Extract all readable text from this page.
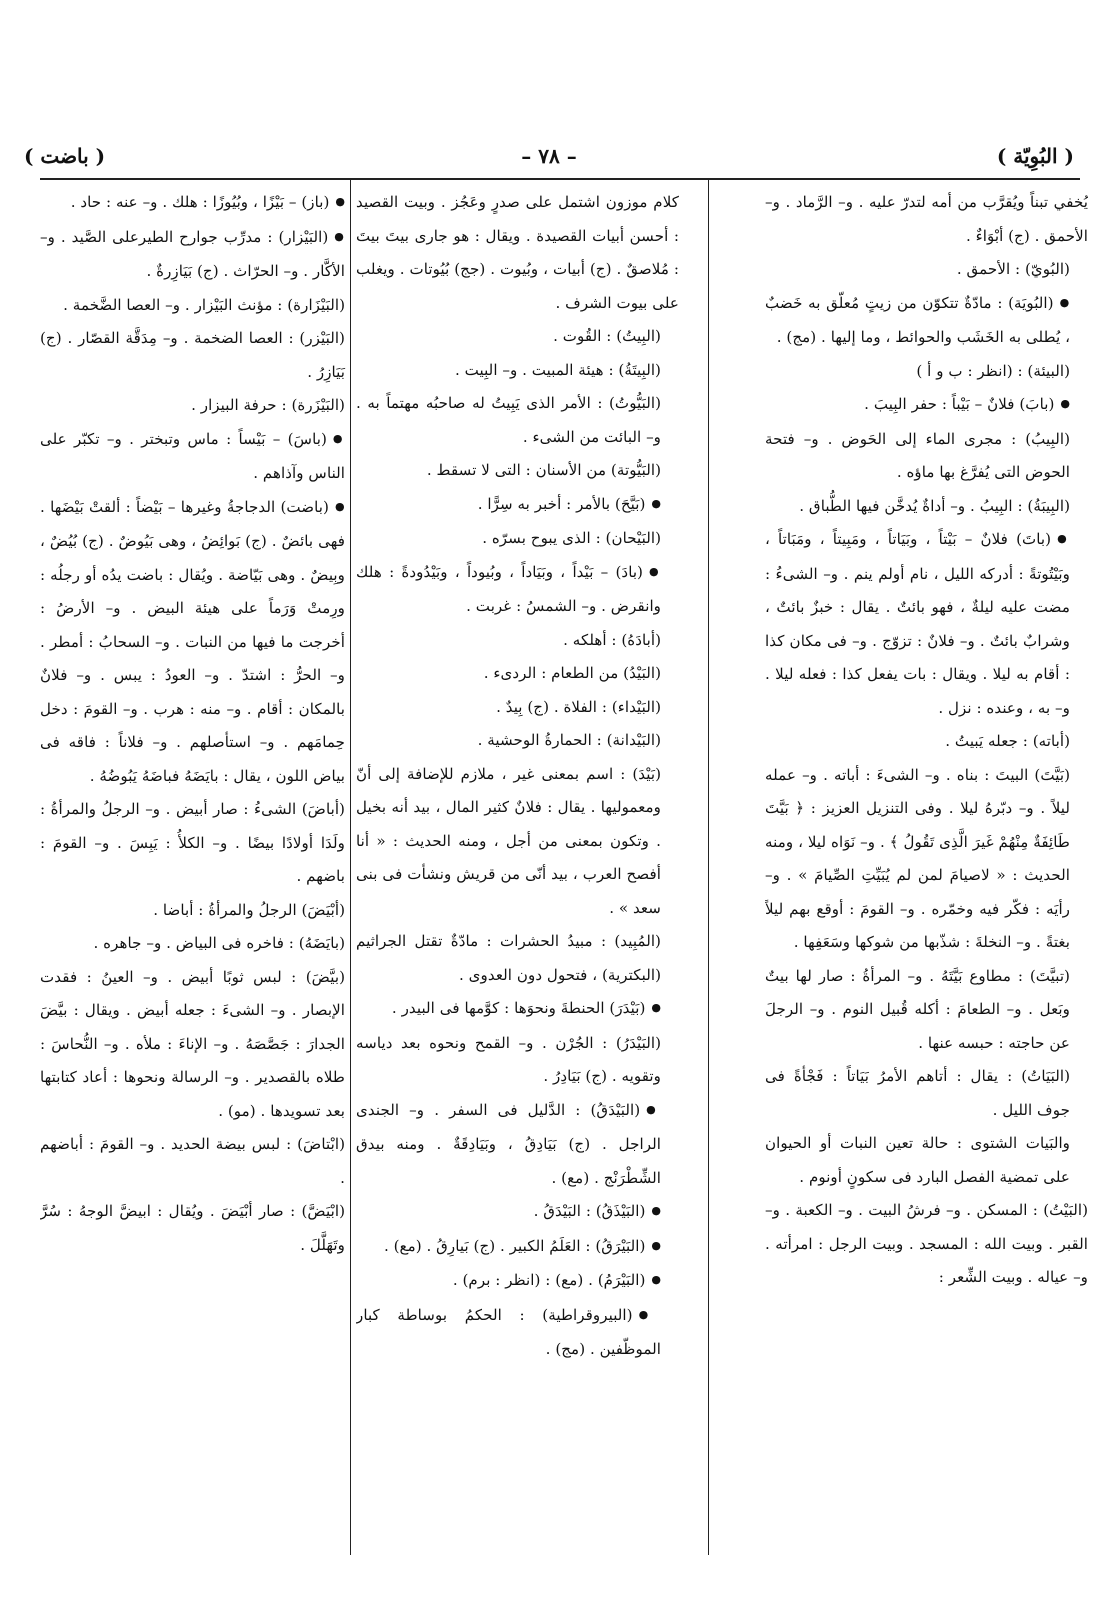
( البُوِيّة )
– ٧٨ –
( باضت )

يُخفي تبناً ويُقرَّب من أمه لتدرّ عليه . و– الرَّماد . و– الأحمق . (ج) أبْوَاءٌ .

(البُويّ) : الأحمق .

● (البُويَة) : مادّةٌ تتكوّن من زيتٍ مُعلّق به خَضبٌ ، يُطلى به الخَشَب والحوائط ، وما إليها . (مج) .

(البيئة) : (انظر : ب و أ )

● (بابَ) فلانٌ – بَيْباً : حفر البِيبَ .

(البِيبُ) : مجرى الماء إلى الحَوض . و– فتحة الحوض التى يُفرَّغ بها ماؤه .

(البِيبَةُ) : البِيبُ . و– أداةٌ يُدخَّن فيها الطُّباق .

● (باتَ) فلانٌ – بَيْتاً ، وبَيَاتاً ، ومَبِيتاً ، ومَبَاتاً ، وبَيْتُوتةً : أدركه الليل ، نام أولم ينم . و– الشىءُ : مضت عليه ليلةٌ ، فهو بائتٌ . يقال : خبزٌ بائتٌ ، وشرابٌ بائتٌ . و– فلانٌ : تزوّج . و– فى مكان كذا : أقام به ليلا . ويقال : بات يفعل كذا : فعله ليلا . و– به ، وعنده : نزل .

(أباته) : جعله يَبيتُ .

(بَيَّتَ) البيتَ : بناه . و– الشىءَ : أباته . و– عمله ليلاً . و– دبّرهُ ليلا . وفى التنزيل العزيز : ﴿ بَيَّتَ طَائِفَةٌ مِنْهُمْ غَيرَ الَّذِى تَقُولُ ﴾ . و– نَوَاه ليلا ، ومنه الحديث : « لاصيامَ لمن لم يُبَيِّتِ الصِّيامَ » . و– رأيَه : فكّر فيه وخمّره . و– القومَ : أوقع بهم ليلاً بغتةً . و– النخلةَ : شذّبها من شوكها وسَعَفِها .

(تبيَّتَ) : مطاوع بَيَّتَهُ . و– المرأةُ : صار لها بيتٌ وبَعل . و– الطعامَ : أكله قُبيل النوم . و– الرجلَ عن حاجته : حبسه عنها .

(البَيَاتُ) : يقال : أتاهم الأمرُ بَيَاتاً : فَجْأةً فى جوف الليل .

والبَيات الشتوى : حالة تعين النبات أو الحيوان على تمضية الفصل البارد فى سكونٍ أونوم .

(البَيْتُ) : المسكن . و– فرشُ البيت . و– الكعبة . و– القبر . وبيت الله : المسجد . وبيت الرجل : امرأته . و– عياله . وبيت الشِّعر :

كلام موزون اشتمل على صدرٍ وعَجُز . وبيت القصيد : أحسن أبيات القصيدة . ويقال : هو جارى بيتَ بيتَ : مُلاصقٌ . (ج) أبيات ، وبُيوت . (جج) بُيُوتات . ويغلب على بيوت الشرف .

(البِيتُ) : القُوت .

(البِيتَةُ) : هيئة المبيت . و– البِيت .

(البَيُّوتُ) : الأمر الذى يَبِيتُ له صاحبُه مهتماً به . و– البائت من الشىء .

(البَيُّوتة) من الأسنان : التى لا تسقط .

● (بَيَّحَ) بالأمر : أخبر به سِرًّا .

(البَيْحان) : الذى يبوح بسرّه .

● (بادَ) – بَيْداً ، وبَيَاداً ، وبُيوداً ، وبَيْدُودةً : هلك وانقرض . و– الشمسُ : غربت .

(أبادَهُ) : أهلكه .

(البَيْدُ) من الطعام : الردىء .

(البَيْداء) : الفلاة . (ج) بِيدٌ .

(البَيْدانة) : الحمارةُ الوحشية .

(بَيْدَ) : اسم بمعنى غير ، ملازم للإضافة إلى أنّ ومعموليها . يقال : فلانٌ كثير المال ، بيد أنه بخيل . وتكون بمعنى من أجل ، ومنه الحديث : « أنا أفصح العرب ، بيد أنّى من قريش ونشأت فى بنى سعد » .

(المُبِيد) : مبيدُ الحشرات : مادّةٌ تقتل الجراثيم (البكترية) ، فتحول دون العدوى .

● (بَيْدَرَ) الحنطةَ ونحوَها : كوَّمها فى البيدر .

(البَيْدَرُ) : الجُرْن . و– القمح ونحوه بعد دياسه وتقويه . (ج) بَيَادِرُ .

● (البَيْدَقُ) : الدَّليل فى السفر . و– الجندى الراجل . (ج) بَيَادِقُ ، وبَيَادِقَةٌ . ومنه بيدق الشِّطْرَنْج . (مع) .

● (البَيْذَقُ) : البَيْدَقُ .

● (البَيْرَقُ) : العَلَمُ الكبير . (ج) بَيارِقُ . (مع) .

● (البَيْرَمُ) . (مع) : (انظر : برم) .

● (البيروقراطية) : الحكمُ بوساطة كبار الموظّفين . (مج) .

● (باز) – بَيْزًا ، وبُيُوزًا : هلك . و– عنه : حاد .

● (البَيْزار) : مدرِّب جوارح الطيرعلى الصَّيد . و– الأكَّار . و– الحرّاث . (ج) بَيَازِرةٌ .

(البَيْزَارة) : مؤنث البَيْزار . و– العصا الضَّخمة .

(البَيْزر) : العصا الضخمة . و– مِدَقَّة القصّار . (ج) بَيَازِرُ .

(البَيْزَرة) : حرفة البيزار .

● (باسَ) – بَيْساً : ماس وتبختر . و– تكبّر على الناس وآذاهم .

● (باضت) الدجاجةُ وغيرها – بَيْضاً : ألقتْ بَيْضَها . فهى بائضٌ . (ج) بَوائِضُ ، وهى بَيُوضٌ . (ج) بُيُضٌ ، وبِيضٌ . وهى بَيّاضة . ويُقال : باضت يدُه أو رجلُه : ورِمتْ وَرَماً على هيئة البيض . و– الأرضُ : أخرجت ما فيها من النبات . و– السحابُ : أمطر . و– الحرُّ : اشتدّ . و– العودُ : يبس . و– فلانٌ بالمكان : أقام . و– منه : هرب . و– القومَ : دخل حِمامَهم . و– استأصلهم . و– فلاناً : فاقه فى بياض اللون ، يقال : بايَضَهُ فباضَهُ يَبُوضُهُ .

(أباضَ) الشىءُ : صار أبيض . و– الرجلُ والمرأةُ : ولَدَا أولادًا بيضًا . و– الكلأُ : يَبِسَ . و– القومَ : باضهم .

(أبْيَضَ) الرجلُ والمرأةُ : أباضا .

(بايَضَهُ) : فاخره فى البياض . و– جاهره .

(بيَّضَ) : لبس ثوبًا أبيض . و– العينُ : فقدت الإبصار . و– الشىءَ : جعله أبيض . ويقال : بيَّضَ الجدارَ : جَصَّصَهُ . و– الإناءَ : ملأه . و– النُّحاسَ : طلاه بالقصدير . و– الرسالة ونحوها : أعاد كتابتها بعد تسويدها . (مو) .

(ابْتاضَ) : لبس بيضة الحديد . و– القومَ : أباضهم .

(ابْيَضَّ) : صار أبْيَضَ . ويُقال : ابيضَّ الوجهُ : سُرَّ وتَهَلَّلَ .
